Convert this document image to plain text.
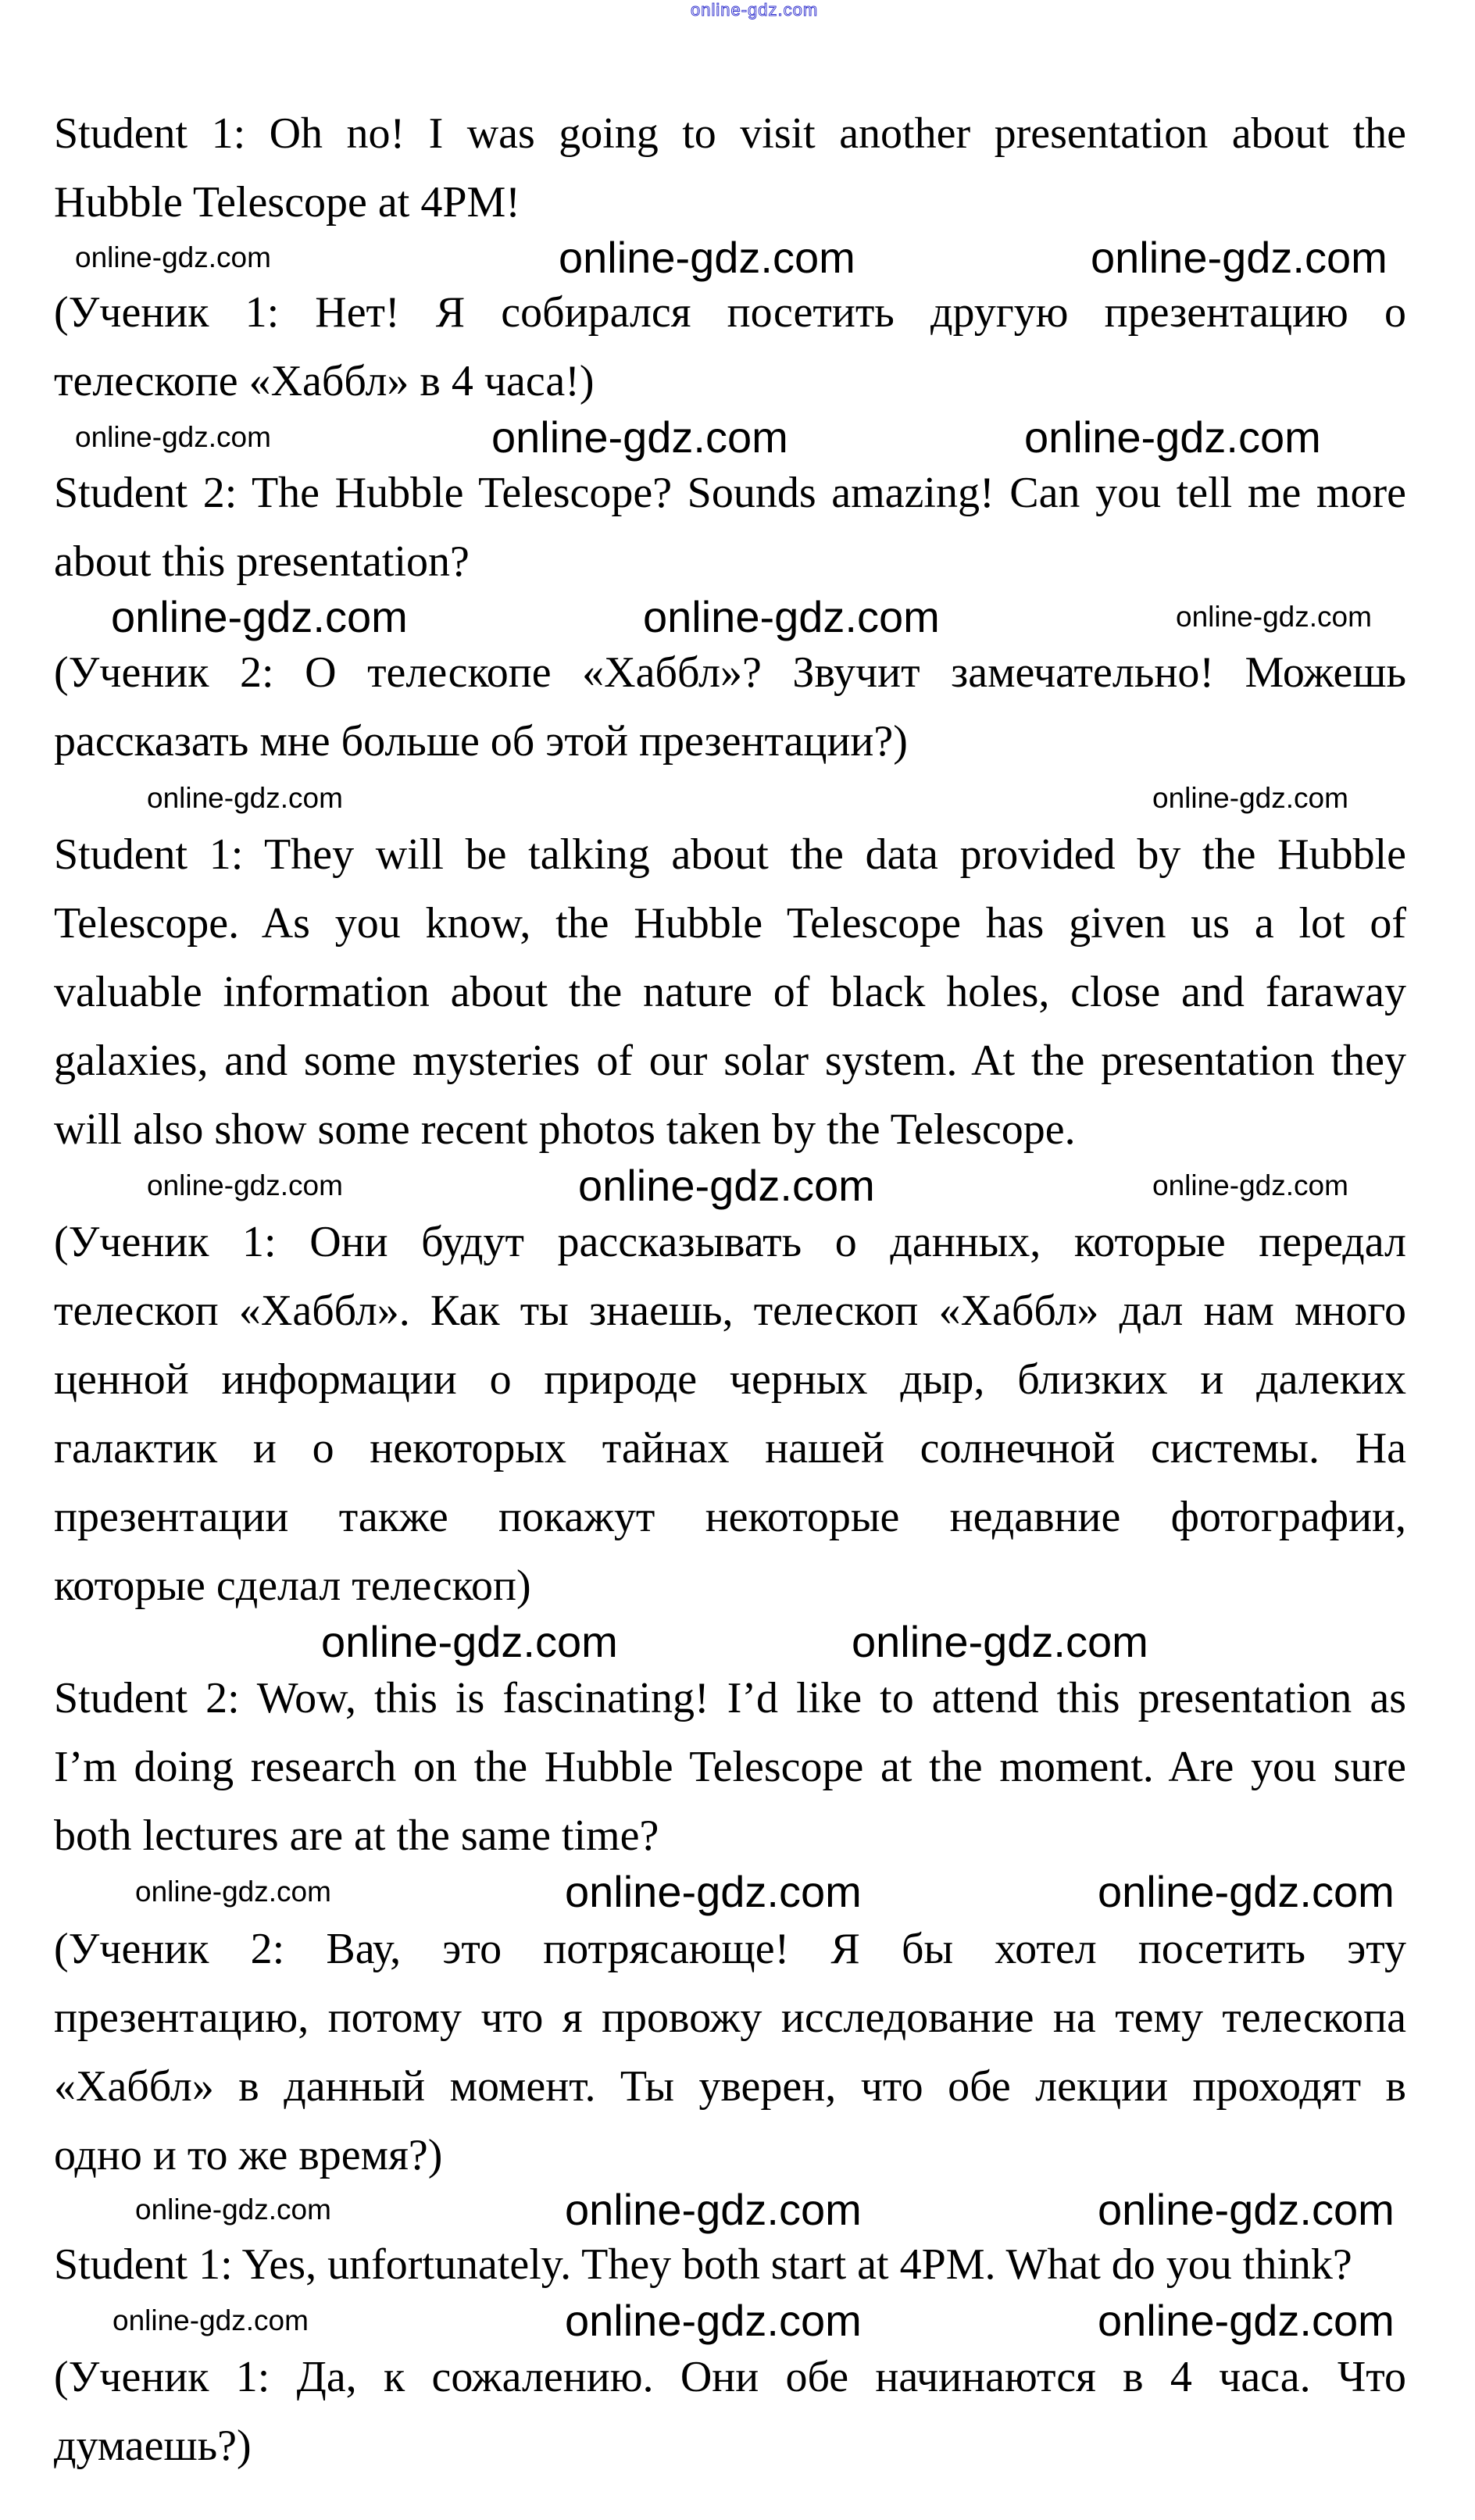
online-gdz.com
Student 1: Oh no! I was going to visit another presentation about the
Hubble Telescope at 4PM!
(Ученик 1: Нет! Я собирался посетить другую презентацию о
телескопе «Хаббл» в 4 часа!)
Student 2: The Hubble Telescope? Sounds amazing! Can you tell me more
about this presentation?
(Ученик 2: О телескопе «Хаббл»? Звучит замечательно! Можешь
рассказать мне больше об этой презентации?)
Student 1: They will be talking about the data provided by the Hubble
Telescope. As you know, the Hubble Telescope has given us a lot of
valuable information about the nature of black holes, close and faraway
galaxies, and some mysteries of our solar system. At the presentation they
will also show some recent photos taken by the Telescope.
(Ученик 1: Они будут рассказывать о данных, которые передал
телескоп «Хаббл». Как ты знаешь, телескоп «Хаббл» дал нам много
ценной информации о природе черных дыр, близких и далеких
галактик и о некоторых тайнах нашей солнечной системы. На
презентации также покажут некоторые недавние фотографии,
которые сделал телескоп)
Student 2: Wow, this is fascinating! I’d like to attend this presentation as
I’m doing research on the Hubble Telescope at the moment. Are you sure
both lectures are at the same time?
(Ученик 2: Вау, это потрясающе! Я бы хотел посетить эту
презентацию, потому что я провожу исследование на тему телескопа
«Хаббл» в данный момент. Ты уверен, что обе лекции проходят в
одно и то же время?)
Student 1: Yes, unfortunately. They both start at 4PM. What do you think?
(Ученик 1: Да, к сожалению. Они обе начинаются в 4 часа. Что
думаешь?)
online-gdz.com	online-gdz.com	online-gdz.com
online-gdz.com	online-gdz.com	online-gdz.com
online-gdz.com	online-gdz.com	online-gdz.com
online-gdz.com
online-gdz.com
online-gdz.com	online-gdz.com
online-gdz.com
online-gdz.com
online-gdz.com
online-gdz.com
online-gdz.com	online-gdz.com
online-gdz.com	online-gdz.com
online-gdz.com
online-gdz.com	online-gdz.com
online-gdz.com
